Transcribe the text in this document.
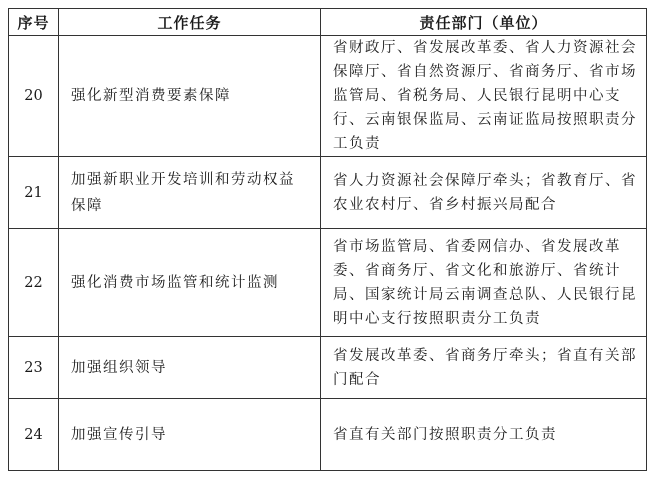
序号	工作任务	责任部门（单位）
20	强化新型消费要素保障	省财政厅、省发展改革委、省人力资源社会保障厅、省自然资源厅、省商务厅、省市场监管局、省税务局、人民银行昆明中心支行、云南银保监局、云南证监局按照职责分工负责
21	加强新职业开发培训和劳动权益保障	省人力资源社会保障厅牵头；省教育厅、省农业农村厅、省乡村振兴局配合
22	强化消费市场监管和统计监测	省市场监管局、省委网信办、省发展改革委、省商务厅、省文化和旅游厅、省统计局、国家统计局云南调查总队、人民银行昆明中心支行按照职责分工负责
23	加强组织领导	省发展改革委、省商务厅牵头；省直有关部门配合
24	加强宣传引导	省直有关部门按照职责分工负责
